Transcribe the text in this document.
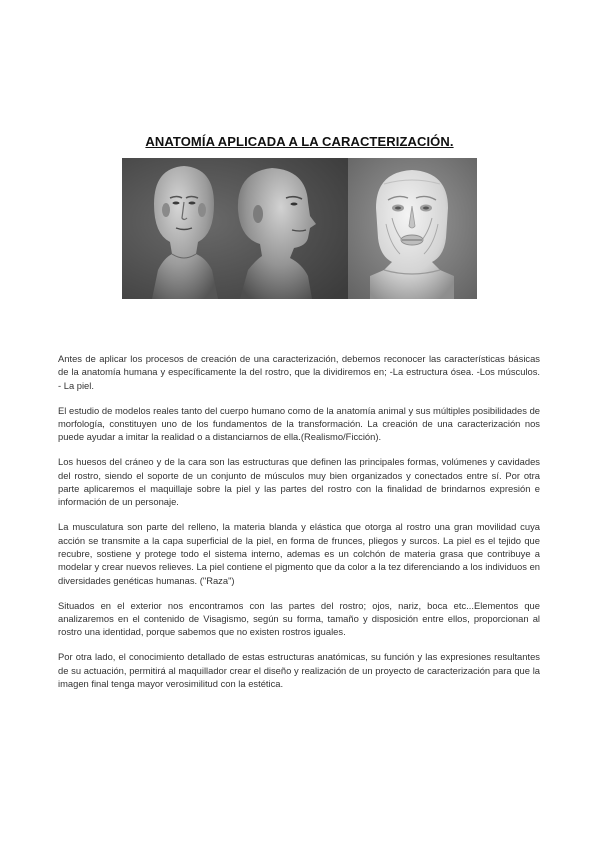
ANATOMÍA APLICADA A LA CARACTERIZACIÓN.

Antes de aplicar los procesos de creación de una caracterización, debemos reconocer las características básicas de la anatomía humana y específicamente la del rostro, que la dividiremos en; -La estructura ósea. -Los músculos. - La piel.

El estudio de modelos reales tanto del cuerpo humano como de la anatomía animal y sus múltiples posibilidades de morfología, constituyen uno de los fundamentos de la transformación. La creación de una caracterización nos puede ayudar a imitar la realidad o a distanciarnos de ella.(Realismo/Ficción).

Los huesos del cráneo y de la cara son las estructuras que definen las principales formas, volúmenes y cavidades del rostro, siendo el soporte de un conjunto de músculos muy bien organizados y conectados entre sí. Por otra parte aplicaremos el maquillaje sobre la piel y las partes del rostro con la finalidad de brindarnos expresión e información de un personaje.

La musculatura son parte del relleno, la materia blanda y elástica que otorga al rostro una gran movilidad cuya acción se transmite a la capa superficial de la piel, en forma de frunces, pliegos y surcos. La piel es el tejido que recubre, sostiene y protege todo el sistema interno, ademas es un colchón de materia grasa que contribuye a modelar y crear nuevos relieves. La piel contiene el pigmento que da color a la tez diferenciando a los individuos en diversidades genéticas humanas. ("Raza")

Situados en el exterior nos encontramos con las partes del rostro; ojos, nariz, boca etc...Elementos que analizaremos en el contenido de Visagismo, según su forma, tamaño y disposición entre ellos, proporcionan al rostro una identidad, porque sabemos que no existen rostros iguales.

Por otra lado, el conocimiento detallado de estas estructuras anatómicas, su función y las expresiones resultantes de su actuación, permitirá al maquillador crear el diseño y realización de un proyecto de caracterización para que la imagen final tenga mayor verosimilitud con la estética.
